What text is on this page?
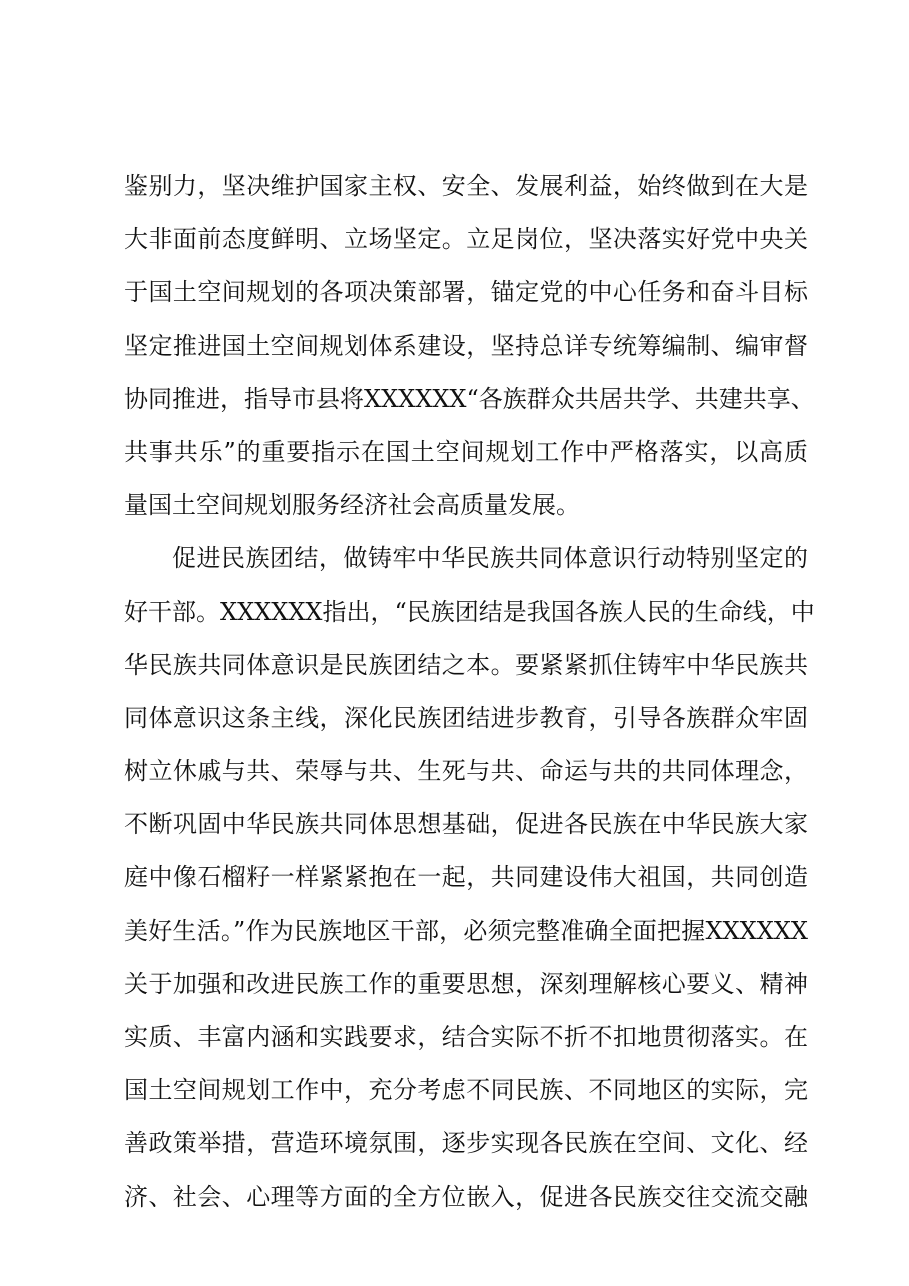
鉴别力，坚决维护国家主权、安全、发展利益，始终做到在大是
大非面前态度鲜明、立场坚定。立足岗位，坚决落实好党中央关
于国土空间规划的各项决策部署，锚定党的中心任务和奋斗目标
坚定推进国土空间规划体系建设，坚持总详专统筹编制、编审督
协同推进，指导市县将XXXXXX“各族群众共居共学、共建共享、
共事共乐”的重要指示在国土空间规划工作中严格落实，以高质
量国土空间规划服务经济社会高质量发展。
促进民族团结，做铸牢中华民族共同体意识行动特别坚定的
好干部。XXXXXX指出，“民族团结是我国各族人民的生命线，中
华民族共同体意识是民族团结之本。要紧紧抓住铸牢中华民族共
同体意识这条主线，深化民族团结进步教育，引导各族群众牢固
树立休戚与共、荣辱与共、生死与共、命运与共的共同体理念，
不断巩固中华民族共同体思想基础，促进各民族在中华民族大家
庭中像石榴籽一样紧紧抱在一起，共同建设伟大祖国，共同创造
美好生活。”作为民族地区干部，必须完整准确全面把握XXXXXX
关于加强和改进民族工作的重要思想，深刻理解核心要义、精神
实质、丰富内涵和实践要求，结合实际不折不扣地贯彻落实。在
国土空间规划工作中，充分考虑不同民族、不同地区的实际，完
善政策举措，营造环境氛围，逐步实现各民族在空间、文化、经
济、社会、心理等方面的全方位嵌入，促进各民族交往交流交融
